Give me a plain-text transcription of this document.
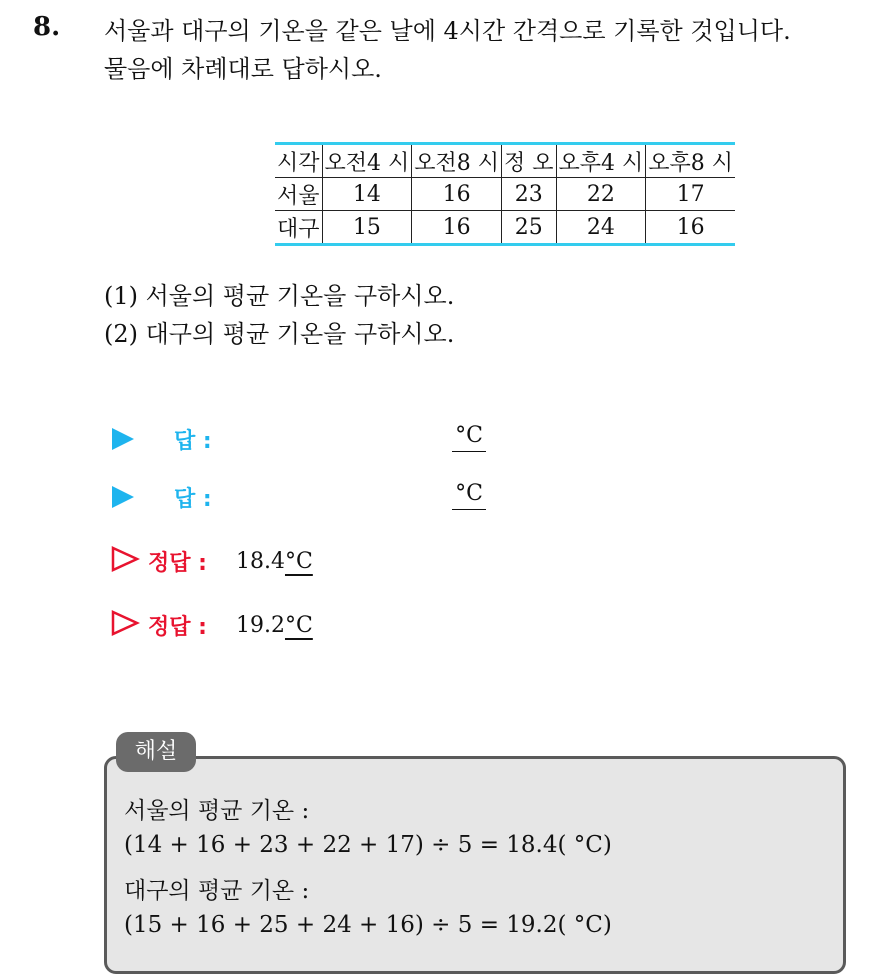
8. 서울과 대구의 기온을 같은 날에 4시간 간격으로 기록한 것입니다.
물음에 차례대로 답하시오.
시각	오전4 시	오전8 시	정 오	오후4 시	오후8 시
서울	14	16	23	22	17
대구	15	16	25	24	16
(1) 서울의 평균 기온을 구하시오.
(2) 대구의 평균 기온을 구하시오.
답 :	°C
답 :	°C
정답 : 18.4°C
정답 : 19.2°C
해설
서울의 평균 기온 :
(14 + 16 + 23 + 22 + 17) ÷ 5 = 18.4( °C)
대구의 평균 기온 :
(15 + 16 + 25 + 24 + 16) ÷ 5 = 19.2( °C)
